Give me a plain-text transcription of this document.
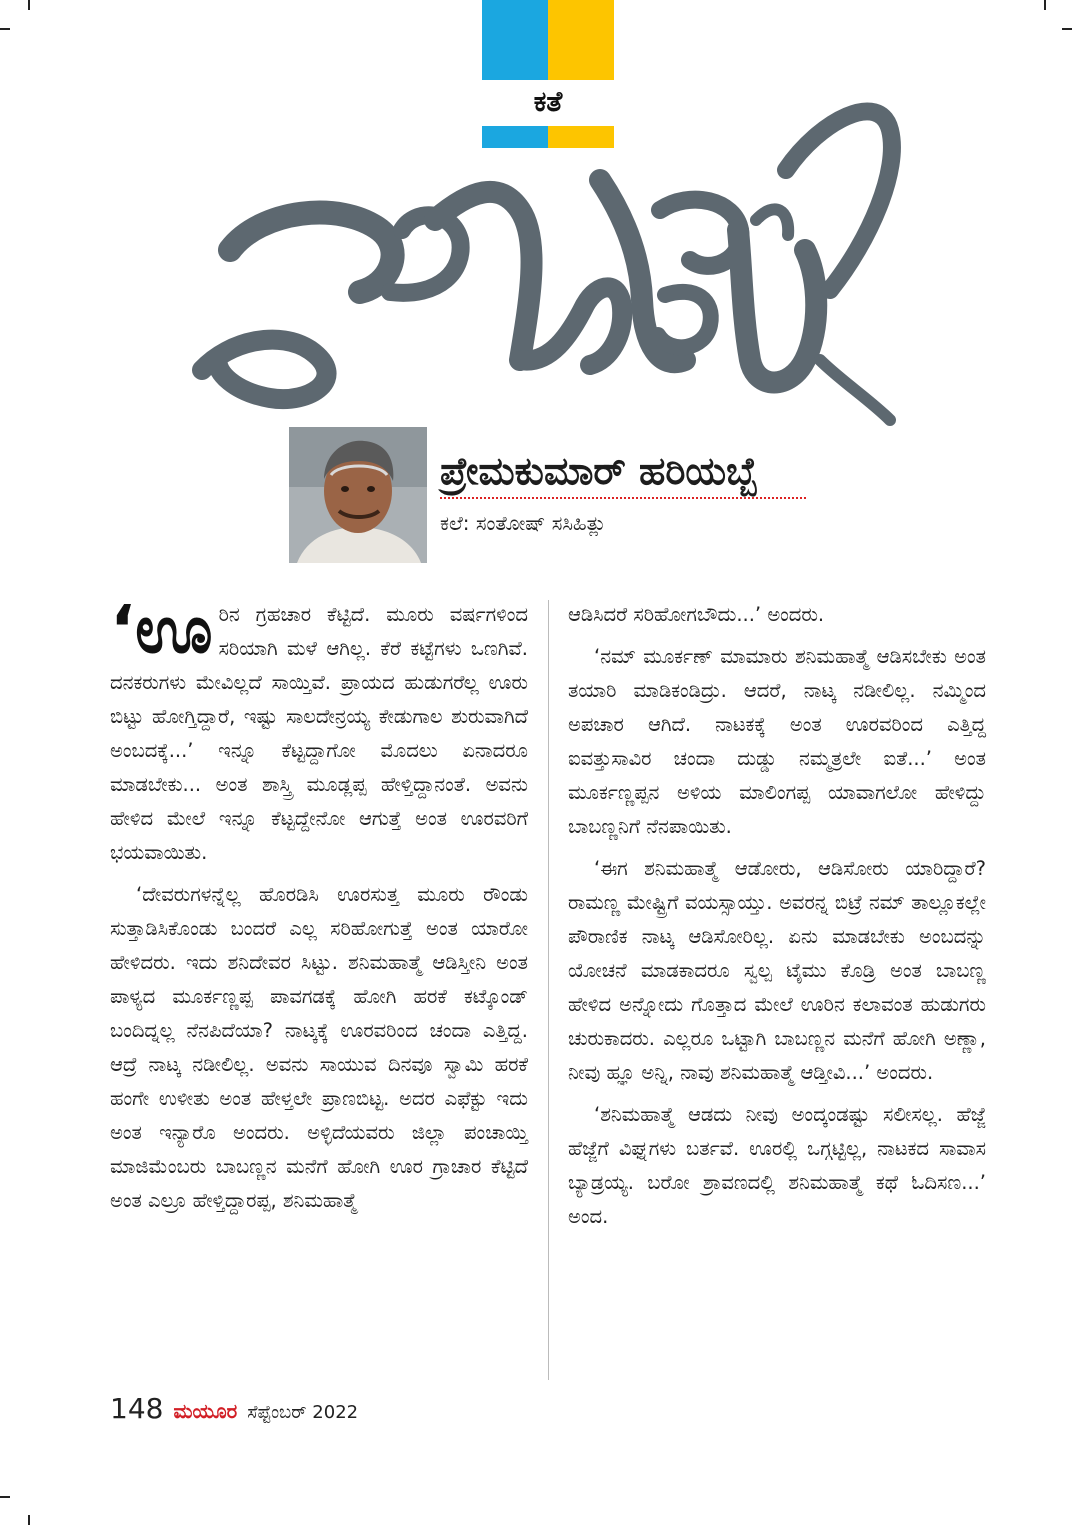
ಕತೆ
ಪ್ರೇಮಕುಮಾರ್ ಹರಿಯಬ್ಬೆ
ಕಲೆ: ಸಂತೋಷ್ ಸಸಿಹಿತ್ಲು

‘ಊರಿನ ಗ್ರಹಚಾರ ಕೆಟ್ಟಿದೆ. ಮೂರು ವರ್ಷಗಳಿಂದ ಸರಿಯಾಗಿ ಮಳೆ ಆಗಿಲ್ಲ. ಕೆರೆ ಕಟ್ಟೆಗಳು ಒಣಗಿವೆ. ದನಕರುಗಳು ಮೇವಿಲ್ಲದೆ ಸಾಯ್ತಿವೆ. ಪ್ರಾಯದ ಹುಡುಗರೆಲ್ಲ ಊರು ಬಿಟ್ಟು ಹೋಗ್ತಿದ್ದಾರೆ, ಇಷ್ಟು ಸಾಲದೇನ್ರಯ್ಯ ಕೇಡುಗಾಲ ಶುರುವಾಗಿದೆ ಅಂಬದಕ್ಕೆ...’ ಇನ್ನೂ ಕೆಟ್ಟದ್ದಾಗೋ ಮೊದಲು ಏನಾದರೂ ಮಾಡಬೇಕು... ಅಂತ ಶಾಸ್ತ್ರಿ ಮೂಡ್ಲಪ್ಪ ಹೇಳ್ತಿದ್ದಾನಂತೆ. ಅವನು ಹೇಳಿದ ಮೇಲೆ ಇನ್ನೂ ಕೆಟ್ಟದ್ದೇನೋ ಆಗುತ್ತೆ ಅಂತ ಊರವರಿಗೆ ಭಯವಾಯಿತು.

‘ದೇವರುಗಳನ್ನೆಲ್ಲ ಹೊರಡಿಸಿ ಊರಸುತ್ತ ಮೂರು ರೌಂಡು ಸುತ್ತಾಡಿಸಿಕೊಂಡು ಬಂದರೆ ಎಲ್ಲ ಸರಿಹೋಗುತ್ತೆ ಅಂತ ಯಾರೋ ಹೇಳಿದರು. ಇದು ಶನಿದೇವರ ಸಿಟ್ಟು. ಶನಿಮಹಾತ್ಮೆ ಆಡಿಸ್ತೀನಿ ಅಂತ ಪಾಳ್ಯದ ಮೂರ್ಕಣ್ಣಪ್ಪ ಪಾವಗಡಕ್ಕೆ ಹೋಗಿ ಹರಕೆ ಕಟ್ಕೊಂಡ್ ಬಂದಿದ್ನಲ್ಲ ನೆನಪಿದೆಯಾ? ನಾಟ್ಕಕ್ಕೆ ಊರವರಿಂದ ಚಂದಾ ಎತ್ತಿದ್ದ. ಆದ್ರೆ ನಾಟ್ಕ ನಡೀಲಿಲ್ಲ. ಅವನು ಸಾಯುವ ದಿನವೂ ಸ್ವಾಮಿ ಹರಕೆ ಹಂಗೇ ಉಳೀತು ಅಂತ ಹೇಳ್ತಲೇ ಪ್ರಾಣಬಿಟ್ಟ. ಅದರ ಎಫೆಕ್ಟು ಇದು ಅಂತ ಇನ್ಯಾರೊ ಅಂದರು. ಅಳ್ಳಿದೆಯವರು ಜಿಲ್ಲಾ ಪಂಚಾಯ್ತಿ ಮಾಜಿಮೆಂಬರು ಬಾಬಣ್ಣನ ಮನೆಗೆ ಹೋಗಿ ಊರ ಗ್ರಾಚಾರ ಕೆಟ್ಟಿದೆ ಅಂತ ಎಲ್ರೂ ಹೇಳ್ತಿದ್ದಾರಪ್ಪ, ಶನಿಮಹಾತ್ಮೆ

ಆಡಿಸಿದರೆ ಸರಿಹೋಗಬೌದು...’ ಅಂದರು.

‘ನಮ್ ಮೂರ್ಕಣ್ ಮಾಮಾರು ಶನಿಮಹಾತ್ಮೆ ಆಡಿಸಬೇಕು ಅಂತ ತಯಾರಿ ಮಾಡಿಕಂಡಿದ್ರು. ಆದರೆ, ನಾಟ್ಕ ನಡೀಲಿಲ್ಲ. ನಮ್ಮಿಂದ ಅಪಚಾರ ಆಗಿದೆ. ನಾಟಕಕ್ಕೆ ಅಂತ ಊರವರಿಂದ ಎತ್ತಿದ್ದ ಐವತ್ತುಸಾವಿರ ಚಂದಾ ದುಡ್ಡು ನಮ್ಮತ್ರಲೇ ಐತೆ...’ ಅಂತ ಮೂರ್ಕಣ್ಣಪ್ಪನ ಅಳಿಯ ಮಾಲಿಂಗಪ್ಪ ಯಾವಾಗಲೋ ಹೇಳಿದ್ದು ಬಾಬಣ್ಣನಿಗೆ ನೆನಪಾಯಿತು.

‘ಈಗ ಶನಿಮಹಾತ್ಮೆ ಆಡೋರು, ಆಡಿಸೋರು ಯಾರಿದ್ದಾರೆ? ರಾಮಣ್ಣ ಮೇಷ್ಟ್ರಿಗೆ ವಯಸ್ಸಾಯ್ತು. ಅವರನ್ನ ಬಿಟ್ರೆ ನಮ್ ತಾಲ್ಲೂಕಲ್ಲೇ ಪೌರಾಣಿಕ ನಾಟ್ಕ ಆಡಿಸೋರಿಲ್ಲ. ಏನು ಮಾಡಬೇಕು ಅಂಬದನ್ನು ಯೋಚನೆ ಮಾಡಕಾದರೂ ಸ್ವಲ್ಪ ಟೈಮು ಕೊಡ್ರಿ ಅಂತ ಬಾಬಣ್ಣ ಹೇಳಿದ ಅನ್ನೋದು ಗೊತ್ತಾದ ಮೇಲೆ ಊರಿನ ಕಲಾವಂತ ಹುಡುಗರು ಚುರುಕಾದರು. ಎಲ್ಲರೂ ಒಟ್ಟಾಗಿ ಬಾಬಣ್ಣನ ಮನೆಗೆ ಹೋಗಿ ಅಣ್ಣಾ, ನೀವು ಹ್ಞೂ ಅನ್ನಿ, ನಾವು ಶನಿಮಹಾತ್ಮೆ ಆಡ್ತೀವಿ...’ ಅಂದರು.

‘ಶನಿಮಹಾತ್ಮೆ ಆಡದು ನೀವು ಅಂದ್ಕಂಡಷ್ಟು ಸಲೀಸಲ್ಲ. ಹೆಜ್ಜೆ ಹೆಜ್ಜೆಗೆ ವಿಘ್ನಗಳು ಬರ್ತವೆ. ಊರಲ್ಲಿ ಒಗ್ಗಟ್ಟಿಲ್ಲ, ನಾಟಕದ ಸಾವಾಸ ಬ್ಯಾಡ್ರಯ್ಯ. ಬರೋ ಶ್ರಾವಣದಲ್ಲಿ ಶನಿಮಹಾತ್ಮೆ ಕಥೆ ಓದಿಸಣ...’ ಅಂದ.

148 ಮಯೂರ ಸೆಪ್ಟೆಂಬರ್ 2022
